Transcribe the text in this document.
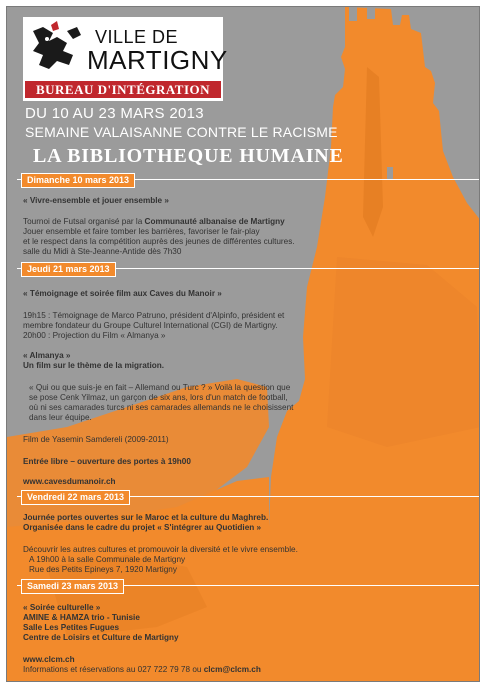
VILLE DE
MARTIGNY
BUREAU D'INTÉGRATION
DU 10 AU 23 MARS 2013
SEMAINE VALAISANNE CONTRE LE RACISME
LA BIBLIOTHEQUE HUMAINE
Dimanche 10 mars 2013
« Vivre-ensemble et jouer ensemble »
Tournoi de Futsal organisé par la Communauté albanaise de Martigny
Jouer ensemble et faire tomber les barrières, favoriser le fair-play
et le respect dans la compétition auprès des jeunes de différentes cultures.
salle du Midi à Ste-Jeanne-Antide dès 7h30
Jeudi 21 mars 2013
« Témoignage et soirée film aux Caves du Manoir »
19h15 : Témoignage de Marco Patruno, président d'Alpinfo, président et
membre fondateur du Groupe Culturel International (CGI) de Martigny.
20h00 : Projection du Film « Almanya »
« Almanya »
Un film sur le thème de la migration.
« Qui ou que suis-je en fait – Allemand ou Turc ? » Voilà la question que
se pose Cenk Yilmaz, un garçon de six ans, lors d'un match de football,
où ni ses camarades turcs ni ses camarades allemands ne le choisissent
dans leur équipe.
Film de Yasemin Samdereli (2009-2011)
Entrée libre – ouverture des portes à 19h00
www.cavesdumanoir.ch
Vendredi 22 mars 2013
Journée portes ouvertes sur le Maroc et la culture du Maghreb.
Organisée dans le cadre du projet « S'intégrer au Quotidien »
Découvrir les autres cultures et promouvoir la diversité et le vivre ensemble.
A 19h00 à la salle Communale de Martigny
Rue des Petits Epineys 7, 1920 Martigny
Samedi 23 mars 2013
« Soirée culturelle »
AMINE & HAMZA trio - Tunisie
Salle Les Petites Fugues
Centre de Loisirs et Culture de Martigny
www.clcm.ch
Informations et réservations au 027 722 79 78 ou clcm@clcm.ch
